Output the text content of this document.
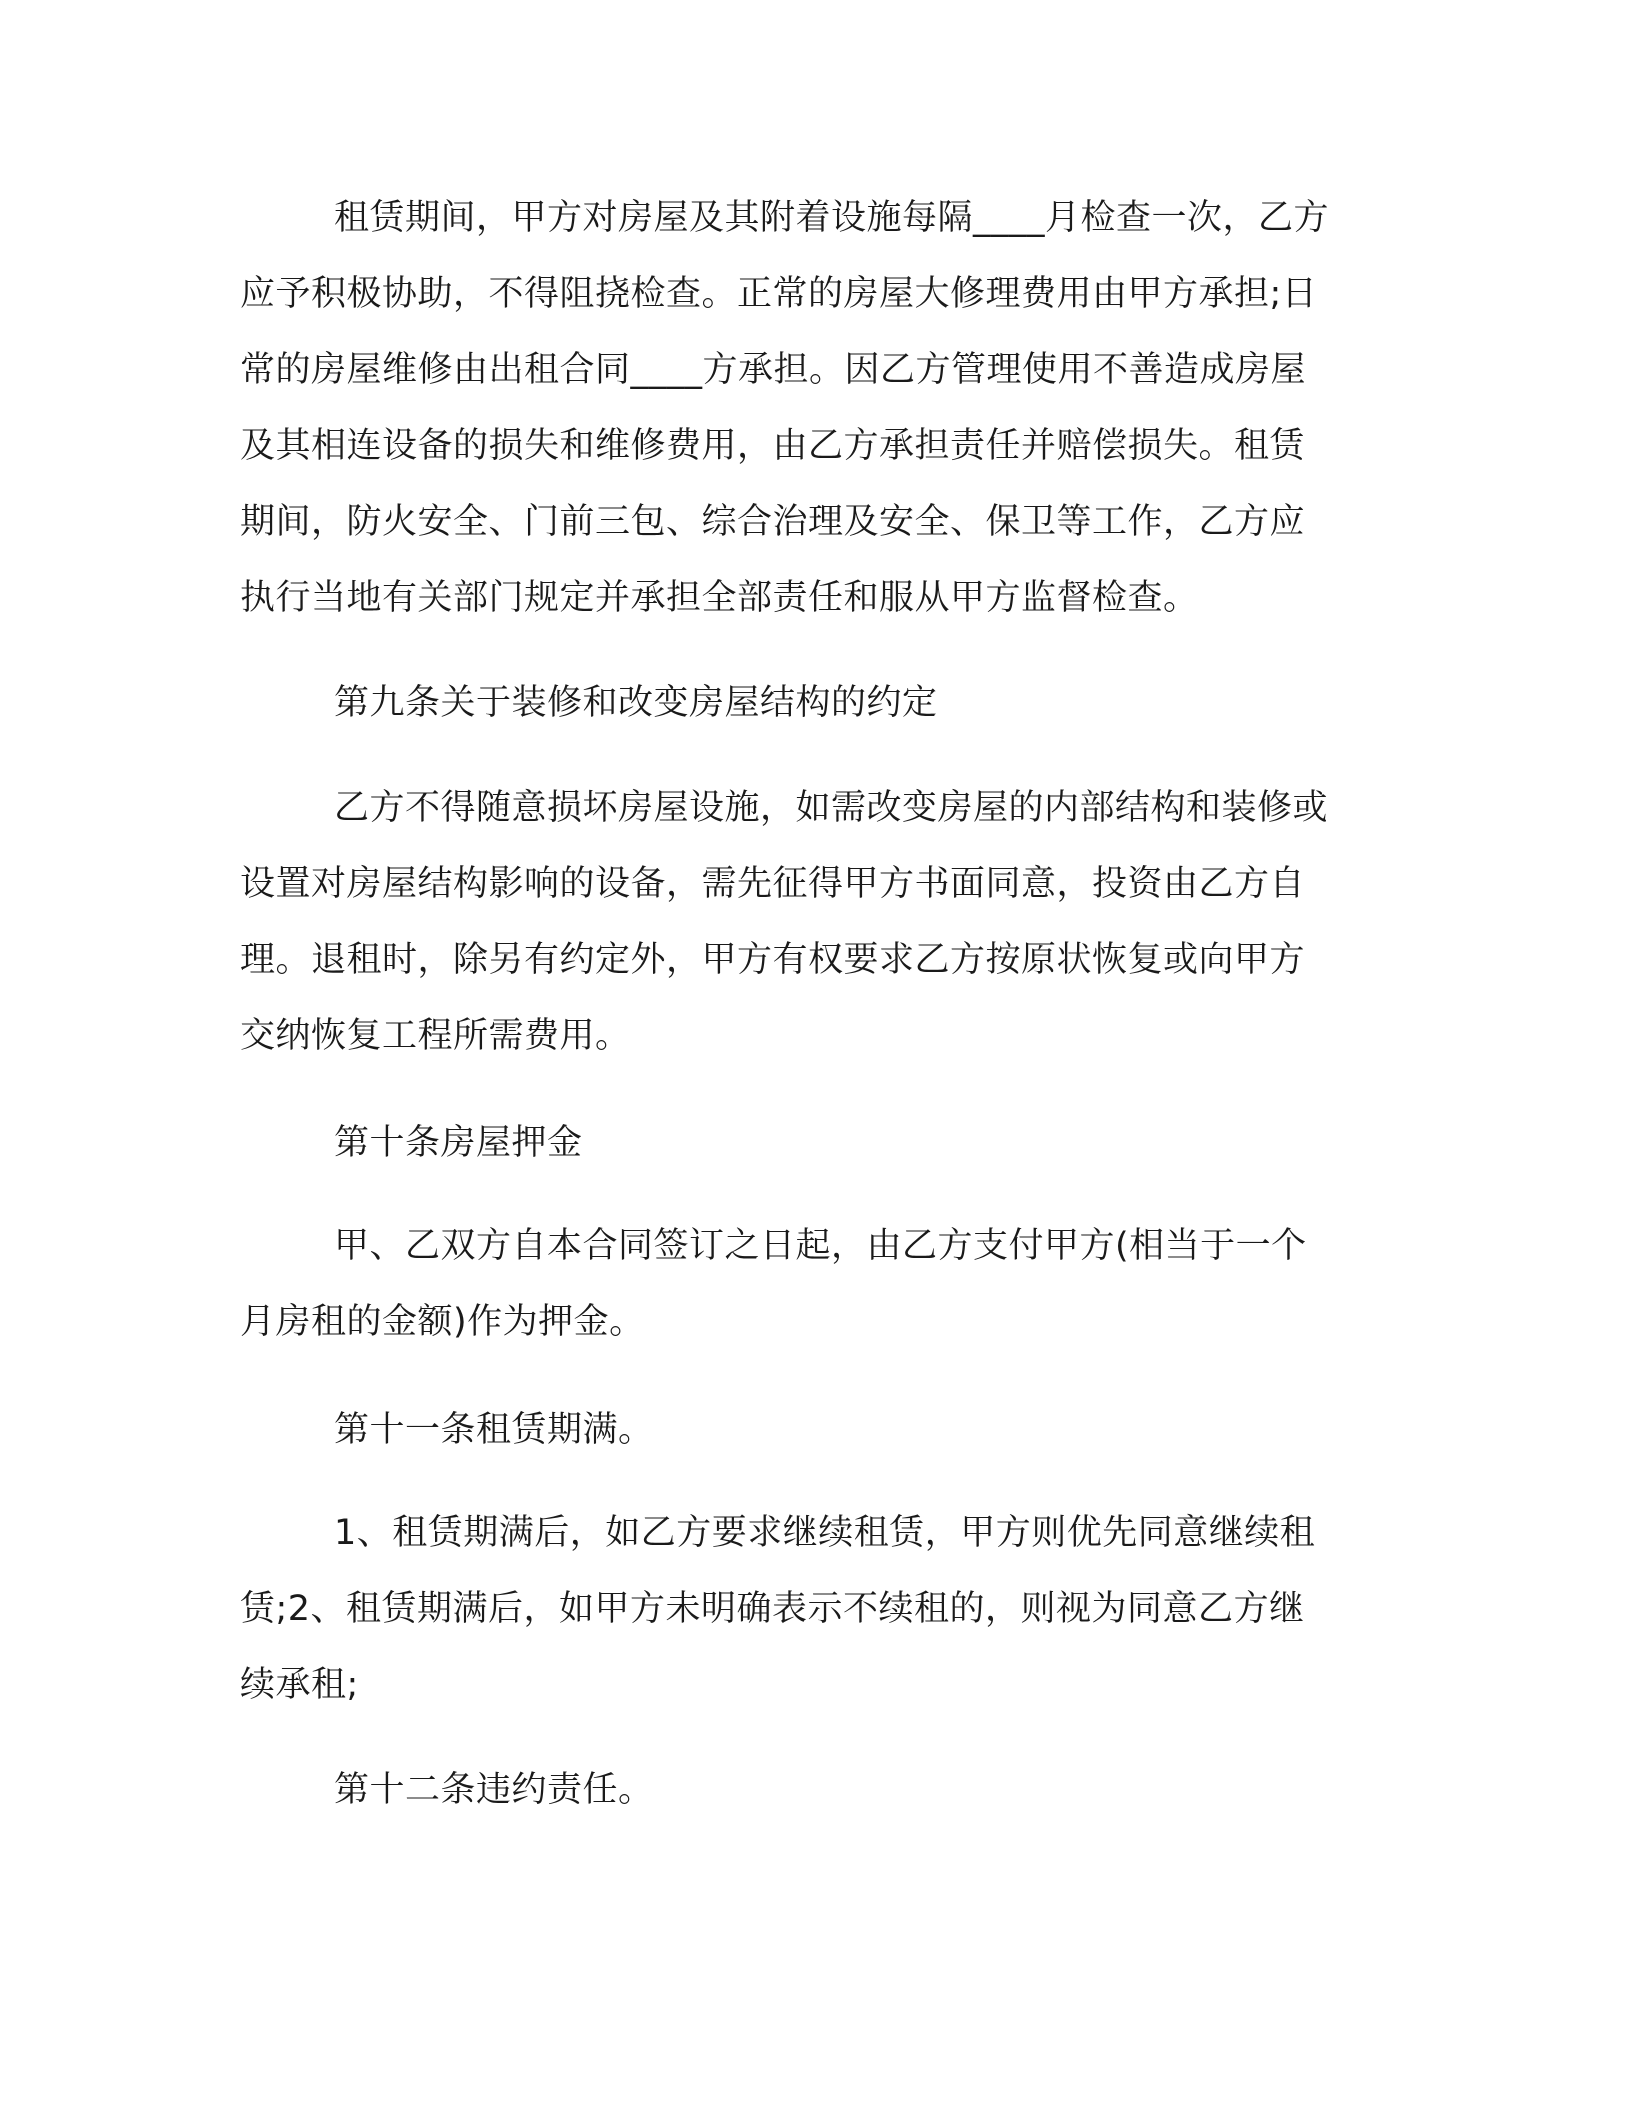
租赁期间，甲方对房屋及其附着设施每隔____月检查一次，乙方
应予积极协助，不得阻挠检查。正常的房屋大修理费用由甲方承担;日
常的房屋维修由出租合同____方承担。因乙方管理使用不善造成房屋
及其相连设备的损失和维修费用，由乙方承担责任并赔偿损失。租赁
期间，防火安全、门前三包、综合治理及安全、保卫等工作，乙方应
执行当地有关部门规定并承担全部责任和服从甲方监督检查。
第九条关于装修和改变房屋结构的约定
乙方不得随意损坏房屋设施，如需改变房屋的内部结构和装修或
设置对房屋结构影响的设备，需先征得甲方书面同意，投资由乙方自
理。退租时，除另有约定外，甲方有权要求乙方按原状恢复或向甲方
交纳恢复工程所需费用。
第十条房屋押金
甲、乙双方自本合同签订之日起，由乙方支付甲方(相当于一个
月房租的金额)作为押金。
第十一条租赁期满。
1、租赁期满后，如乙方要求继续租赁，甲方则优先同意继续租
赁;2、租赁期满后，如甲方未明确表示不续租的，则视为同意乙方继
续承租;
第十二条违约责任。
